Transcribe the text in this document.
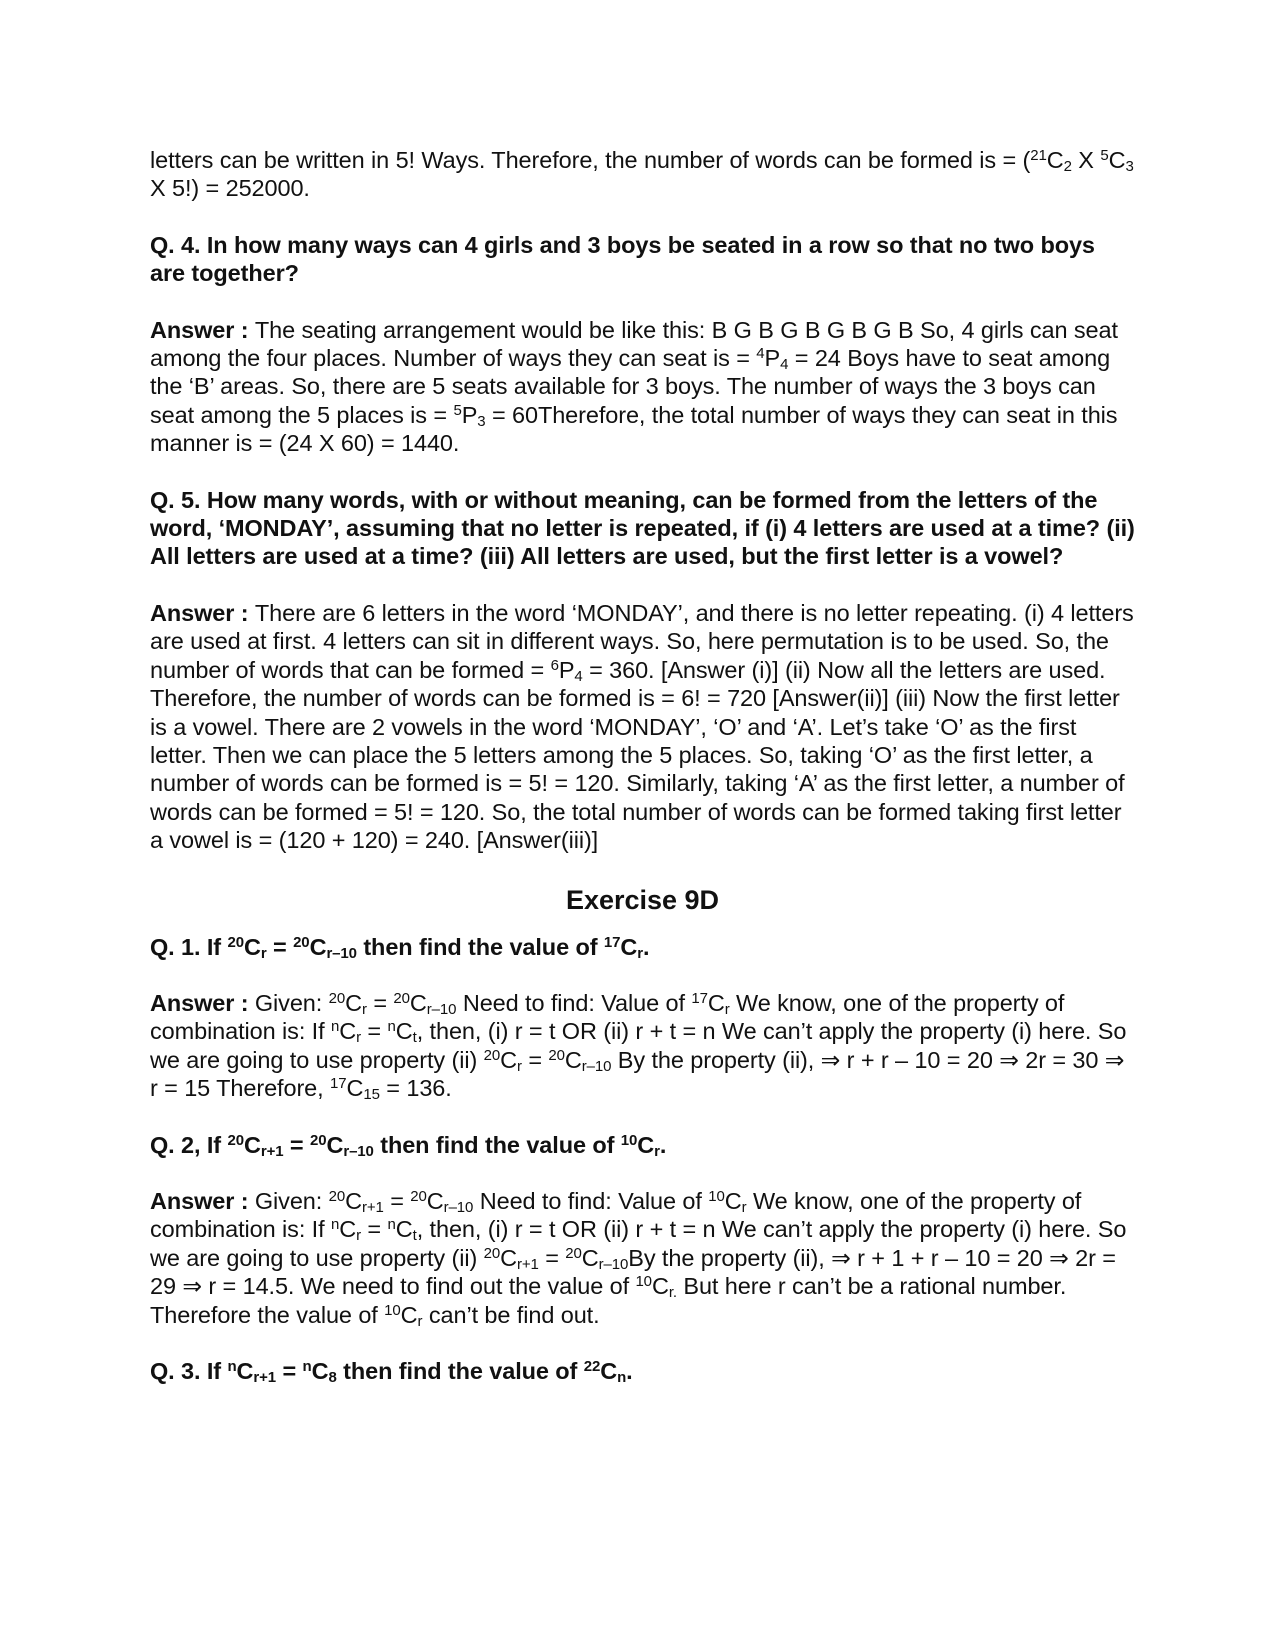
letters can be written in 5! Ways. Therefore, the number of words can be formed is = ($^{21}C_2$ X $^5C_3$ X 5!) = 252000.

Q. 4. In how many ways can 4 girls and 3 boys be seated in a row so that no two boys are together?

Answer : The seating arrangement would be like this: B G B G B G B G B So, 4 girls can seat among the four places. Number of ways they can seat is = $^4P_4 = 24$ Boys have to seat among the ‘B’ areas. So, there are 5 seats available for 3 boys. The number of ways the 3 boys can seat among the 5 places is = $^5P_3$ = 60Therefore, the total number of ways they can seat in this manner is = (24 X 60) = 1440.

Q. 5. How many words, with or without meaning, can be formed from the letters of the word, ‘MONDAY’, assuming that no letter is repeated, if (i) 4 letters are used at a time? (ii) All letters are used at a time? (iii) All letters are used, but the first letter is a vowel?

Answer : There are 6 letters in the word ‘MONDAY’, and there is no letter repeating. (i) 4 letters are used at first. 4 letters can sit in different ways. So, here permutation is to be used. So, the number of words that can be formed = $^6P_4 = 360$. [Answer (i)] (ii) Now all the letters are used. Therefore, the number of words can be formed is = 6! = 720 [Answer(ii)] (iii) Now the first letter is a vowel. There are 2 vowels in the word ‘MONDAY’, ‘O’ and ‘A’. Let’s take ‘O’ as the first letter. Then we can place the 5 letters among the 5 places. So, taking ‘O’ as the first letter, a number of words can be formed is = 5! = 120. Similarly, taking ‘A’ as the first letter, a number of words can be formed = 5! = 120. So, the total number of words can be formed taking first letter a vowel is = (120 + 120) = 240. [Answer(iii)]

Exercise 9D

Q. 1. If $^{20}C_r = ^{20}C_{r-10}$ then find the value of $^{17}C_r$.

Answer : Given: $^{20}C_r = ^{20}C_{r-10}$ Need to find: Value of $^{17}C_r$ We know, one of the property of combination is: If $^nC_r = ^nC_t$, then, (i) r = t OR (ii) r + t = n We can’t apply the property (i) here. So we are going to use property (ii) $^{20}C_r = ^{20}C_{r-10}$ By the property (ii), ⇒ r + r – 10 = 20 ⇒ 2r = 30 ⇒ r = 15 Therefore, $^{17}C_{15} = 136$.

Q. 2, If $^{20}C_{r+1} = ^{20}C_{r-10}$ then find the value of $^{10}C_r$.

Answer : Given: $^{20}C_{r+1} = ^{20}C_{r-10}$ Need to find: Value of $^{10}C_r$ We know, one of the property of combination is: If $^nC_r = ^nC_t$, then, (i) r = t OR (ii) r + t = n We can’t apply the property (i) here. So we are going to use property (ii) $^{20}C_{r+1} = ^{20}C_{r-10}By$ the property (ii), ⇒ r + 1 + r – 10 = 20 ⇒ 2r = 29 ⇒ r = 14.5. We need to find out the value of $^{10}C_{r.}$ But here r can’t be a rational number. Therefore the value of $^{10}C_r$ can’t be find out.

Q. 3. If $^nC_{r+1} = ^nC_8$ then find the value of $^{22}C_n$.
